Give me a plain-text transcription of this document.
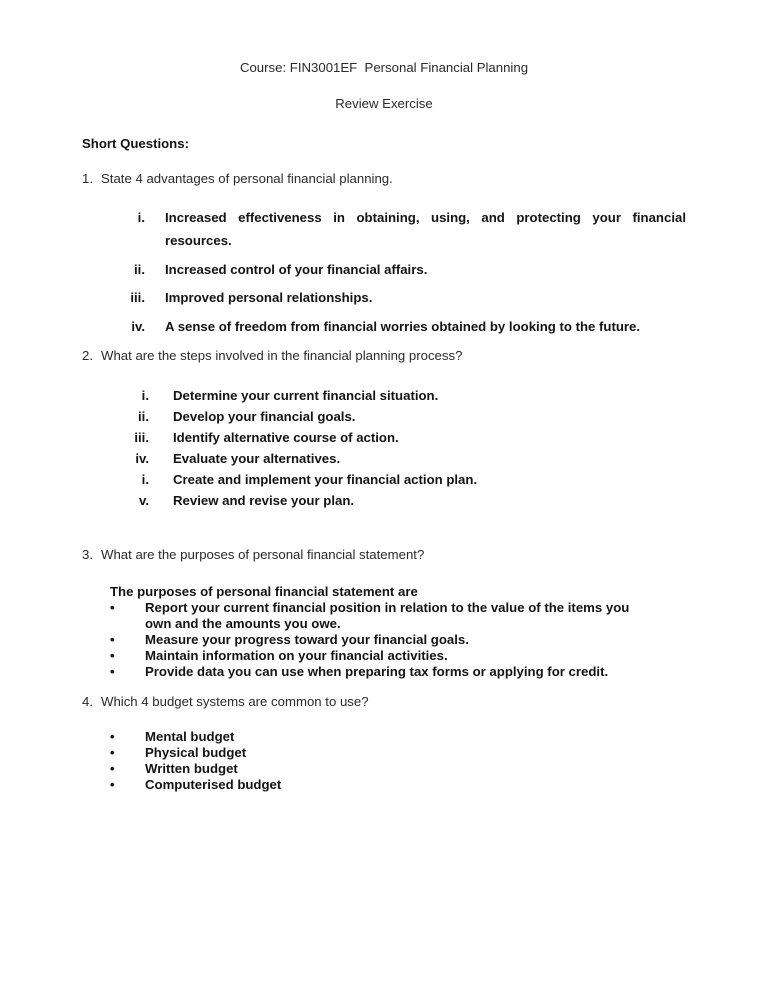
Course: FIN3001EF  Personal Financial Planning
Review Exercise
Short Questions:
1. State 4 advantages of personal financial planning.
i. Increased effectiveness in obtaining, using, and protecting your financial resources.
ii. Increased control of your financial affairs.
iii. Improved personal relationships.
iv. A sense of freedom from financial worries obtained by looking to the future.
2. What are the steps involved in the financial planning process?
i. Determine your current financial situation.
ii. Develop your financial goals.
iii. Identify alternative course of action.
iv. Evaluate your alternatives.
i. Create and implement your financial action plan.
v. Review and revise your plan.
3. What are the purposes of personal financial statement?
The purposes of personal financial statement are
•	Report your current financial position in relation to the value of the items you
own and the amounts you owe.
•	Measure your progress toward your financial goals.
•	Maintain information on your financial activities.
•	Provide data you can use when preparing tax forms or applying for credit.
4. Which 4 budget systems are common to use?
•	Mental budget
•	Physical budget
•	Written budget
•	Computerised budget
